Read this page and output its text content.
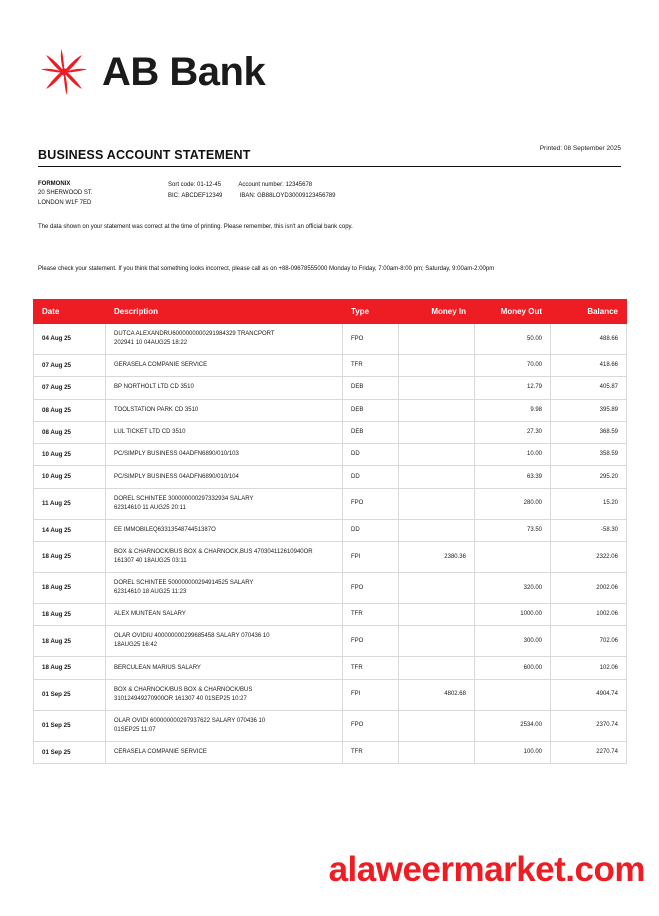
AB Bank
BUSINESS ACCOUNT STATEMENT	Printed: 08 September 2025
FORMONIX
20 SHERWOOD ST.
LONDON W1F 7ED
Sort code: 01-12-45	Account number: 12345678
BIC: ABCDEF12349	IBAN: GB88LOYD30009123456789
The data shown on your statement was correct at the time of printing. Please remember, this isn't an official bank copy.
Please check your statement. If you think that something looks incorrect, please call as on +88-09678555000 Monday to Friday, 7:00am-8:00 pm; Saturday, 9:00am-2:00pm
Date	Description	Type	Money In	Money Out	Balance
04 Aug 25	DUTCA ALEXANDRU6000000000291984329 TRANCPORT
202941 10 04AUG25 18:22	FPO		50.00	488.66
07 Aug 25	GERASELA COMPANIE SERVICE	TFR		70.00	418.66
07 Aug 25	BP NORTHOLT LTD CD 3510	DEB		12.79	405.87
08 Aug 25	TOOLSTATION PARK CD 3510	DEB		9.98	395.89
08 Aug 25	LUL TICKET LTD CD 3510	DEB		27.30	368.59
10 Aug 25	PC/SIMPLY BUSINESS 04ADFN6890/010/103	DD		10.00	358.59
10 Aug 25	PC/SIMPLY BUSINESS 04ADFN6890/010/104	DD		63.39	295.20
11 Aug 25	DOREL SCHINTEE 300000000297332934 SALARY
62314610 11 AUG25 20:11	FPO		280.00	15.20
14 Aug 25	EE IMMOBILEQ6331354874451387O	DD		73.50	-58.30
18 Aug 25	BOX & CHARNOCK/BUS BOX & CHARNOCK,BUS 470304112610940OR
161307 40 18AUG25 03:11	FPI	2380.36		2322.06
18 Aug 25	DOREL SCHINTEE 500000000294914525 SALARY
62314610 18 AUG25 11:23	FPO		320.00	2002.06
18 Aug 25	ALEX MUNTEAN SALARY	TFR		1000.00	1002.06
18 Aug 25	OLAR OVIDIU 400000000299685458 SALARY 070436 10
18AUG25 16:42	FPO		300.00	702.06
18 Aug 25	BERCULEAN MARIUS SALARY	TFR		600.00	102.06
01 Sep 25	BOX & CHARNOCK/BUS BOX & CHARNOCK/BUS
310124949270900OR 161307 40 01SEP25 10:27	FPI	4802.68		4904.74
01 Sep 25	OLAR OVIDI 600000000297937622 SALARY 070436 10
01SEP25 11:07	FPO		2534.00	2370.74
01 Sep 25	CERASELA COMPANIE SERVICE	TFR		100.00	2270.74
alaweermarket.com
